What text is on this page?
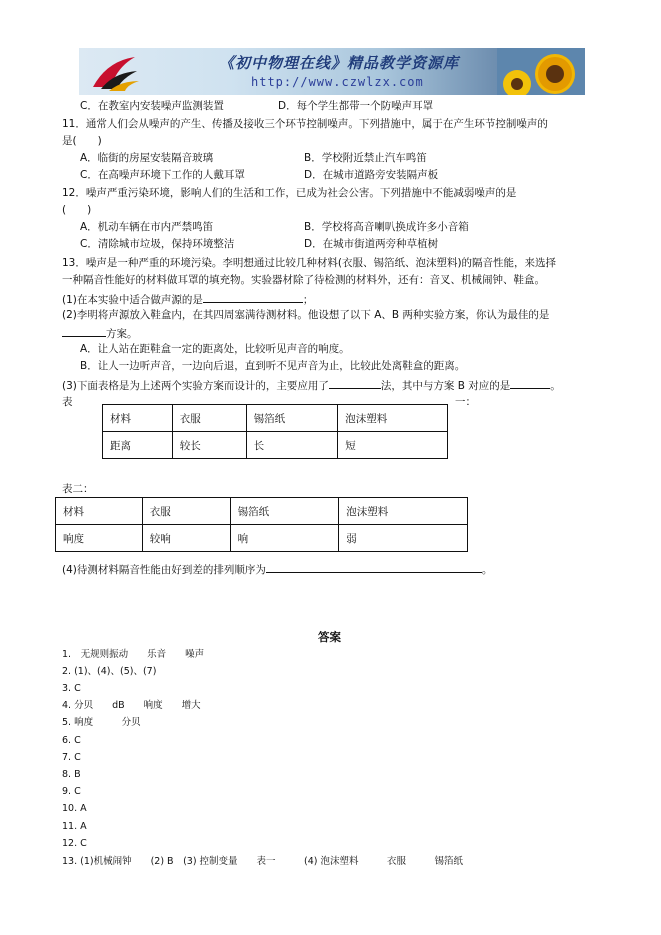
《初中物理在线》精品教学资源库
http://www.czwlzx.com
C．在教室内安装噪声监测装置	D．每个学生都带一个防噪声耳罩
11．通常人们会从噪声的产生、传播及接收三个环节控制噪声。下列措施中，属于在产生环节控制噪声的
是(　　)
A．临街的房屋安装隔音玻璃	B．学校附近禁止汽车鸣笛
C．在高噪声环境下工作的人戴耳罩	D．在城市道路旁安装隔声板
12．噪声严重污染环境，影响人们的生活和工作，已成为社会公害。下列措施中不能减弱噪声的是
(　　)
A．机动车辆在市内严禁鸣笛	B．学校将高音喇叭换成许多小音箱
C．清除城市垃圾，保持环境整洁	D．在城市街道两旁种草植树
13．噪声是一种严重的环境污染。李明想通过比较几种材料(衣服、锡箔纸、泡沫塑料)的隔音性能，来选择
一种隔音性能好的材料做耳罩的填充物。实验器材除了待检测的材料外，还有：音叉、机械闹钟、鞋盒。
(1)在本实验中适合做声源的是	；
(2)李明将声源放入鞋盒内，在其四周塞满待测材料。他设想了以下 A、B 两种实验方案，你认为最佳的是
方案。
A．让人站在距鞋盒一定的距离处，比较听见声音的响度。
B．让人一边听声音，一边向后退，直到听不见声音为止，比较此处离鞋盒的距离。
(3)下面表格是为上述两个实验方案而设计的，主要应用了	法，其中与方案 B 对应的是	。
表	一：
材料	衣服	锡箔纸	泡沫塑料
距离	较长	长	短
表二：
材料	衣服	锡箔纸	泡沫塑料
响度	较响	响	弱
(4)待测材料隔音性能由好到差的排列顺序为	。
答案
1.　无规则振动　　乐音　　噪声
2. (1)、(4)、(5)、(7)
3. C
4. 分贝　　dB　　响度　　增大
5. 响度　　　分贝
6. C
7. C
8. B
9. C
10. A
11. A
12. C
13. (1)机械闹钟　　(2) B　(3) 控制变量　　表一　　　(4) 泡沫塑料　　　衣服　　　锡箔纸
